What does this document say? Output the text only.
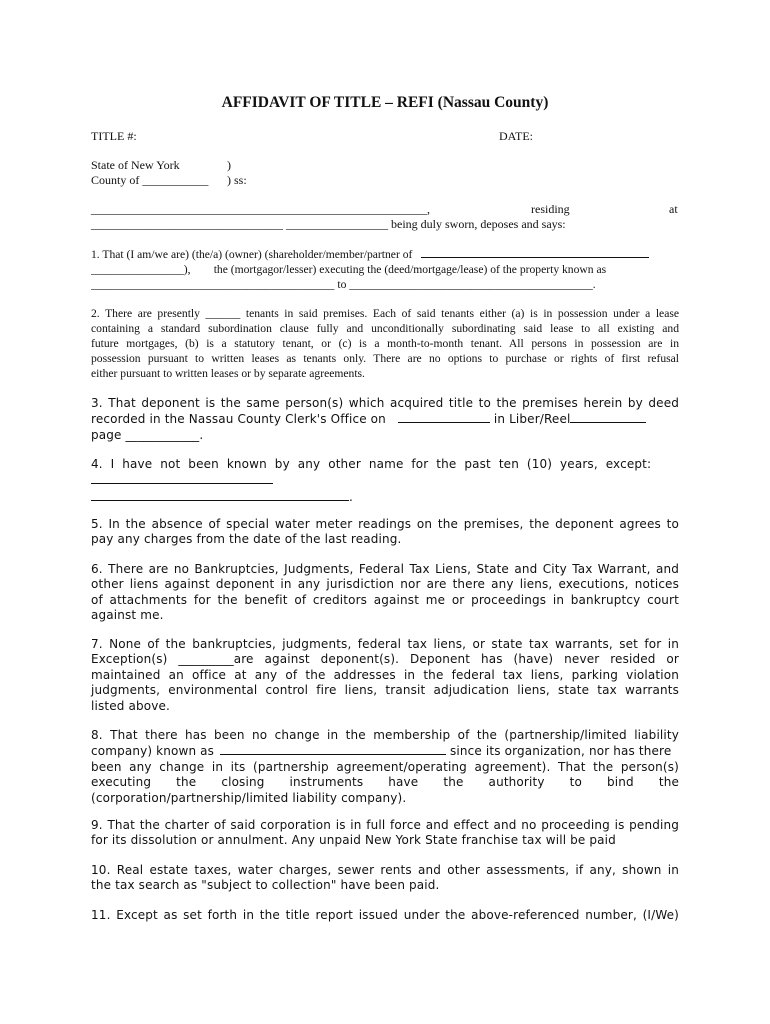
AFFIDAVIT OF TITLE – REFI (Nassau County)
TITLE #:	DATE:
State of New York	)
County of ___________ ) ss:
________________________________________________________,	residing	at
________________________________ _________________ being duly sworn, deposes and says:
1. That (I am/we are) (the/a) (owner) (shareholder/member/partner of
________________),        the (mortgagor/lesser) executing the (deed/mortgage/lease) of the property known as
__________________________________________ to __________________________________________.
2. There are presently ______ tenants in said premises. Each of said tenants either (a) is in possession under a lease
containing a standard subordination clause fully and unconditionally subordinating said lease to all existing and
future mortgages, (b) is a statutory tenant, or (c) is a month-to-month tenant. All persons in possession are in
possession pursuant to written leases as tenants only. There are no options to purchase or rights of first refusal
either pursuant to written leases or by separate agreements.
3. That deponent is the same person(s) which acquired title to the premises herein by deed
recorded in the Nassau County Clerk's Office on	in Liber/Reel
page ____________.
4.  I  have  not  been  known  by  any  other  name  for  the  past  ten  (10)  years,  except:
.
5. In the absence of special water meter readings on the premises, the deponent agrees to
pay any charges from the date of the last reading.
6. There are no Bankruptcies, Judgments, Federal Tax Liens, State and City Tax Warrant, and
other liens against deponent in any jurisdiction nor are there any liens, executions, notices
of attachments for the benefit of creditors against me or proceedings in bankruptcy court
against me.
7. None of the bankruptcies, judgments, federal tax liens, or state tax warrants, set for in
Exception(s) _________are against deponent(s). Deponent has (have) never resided or
maintained an office at any of the addresses in the federal tax liens, parking violation
judgments, environmental control fire liens, transit adjudication liens, state tax warrants
listed above.
8. That there has been no change in the membership of the (partnership/limited liability
company) known as	since its organization, nor has there
been any change in its (partnership agreement/operating agreement). That the person(s)
executing the closing instruments have the authority to bind the
(corporation/partnership/limited liability company).
9. That the charter of said corporation is in full force and effect and no proceeding is pending
for its dissolution or annulment. Any unpaid New York State franchise tax will be paid
10. Real estate taxes, water charges, sewer rents and other assessments, if any, shown in
the tax search as "subject to collection" have been paid.
11. Except as set forth in the title report issued under the above-referenced number, (I/We)
